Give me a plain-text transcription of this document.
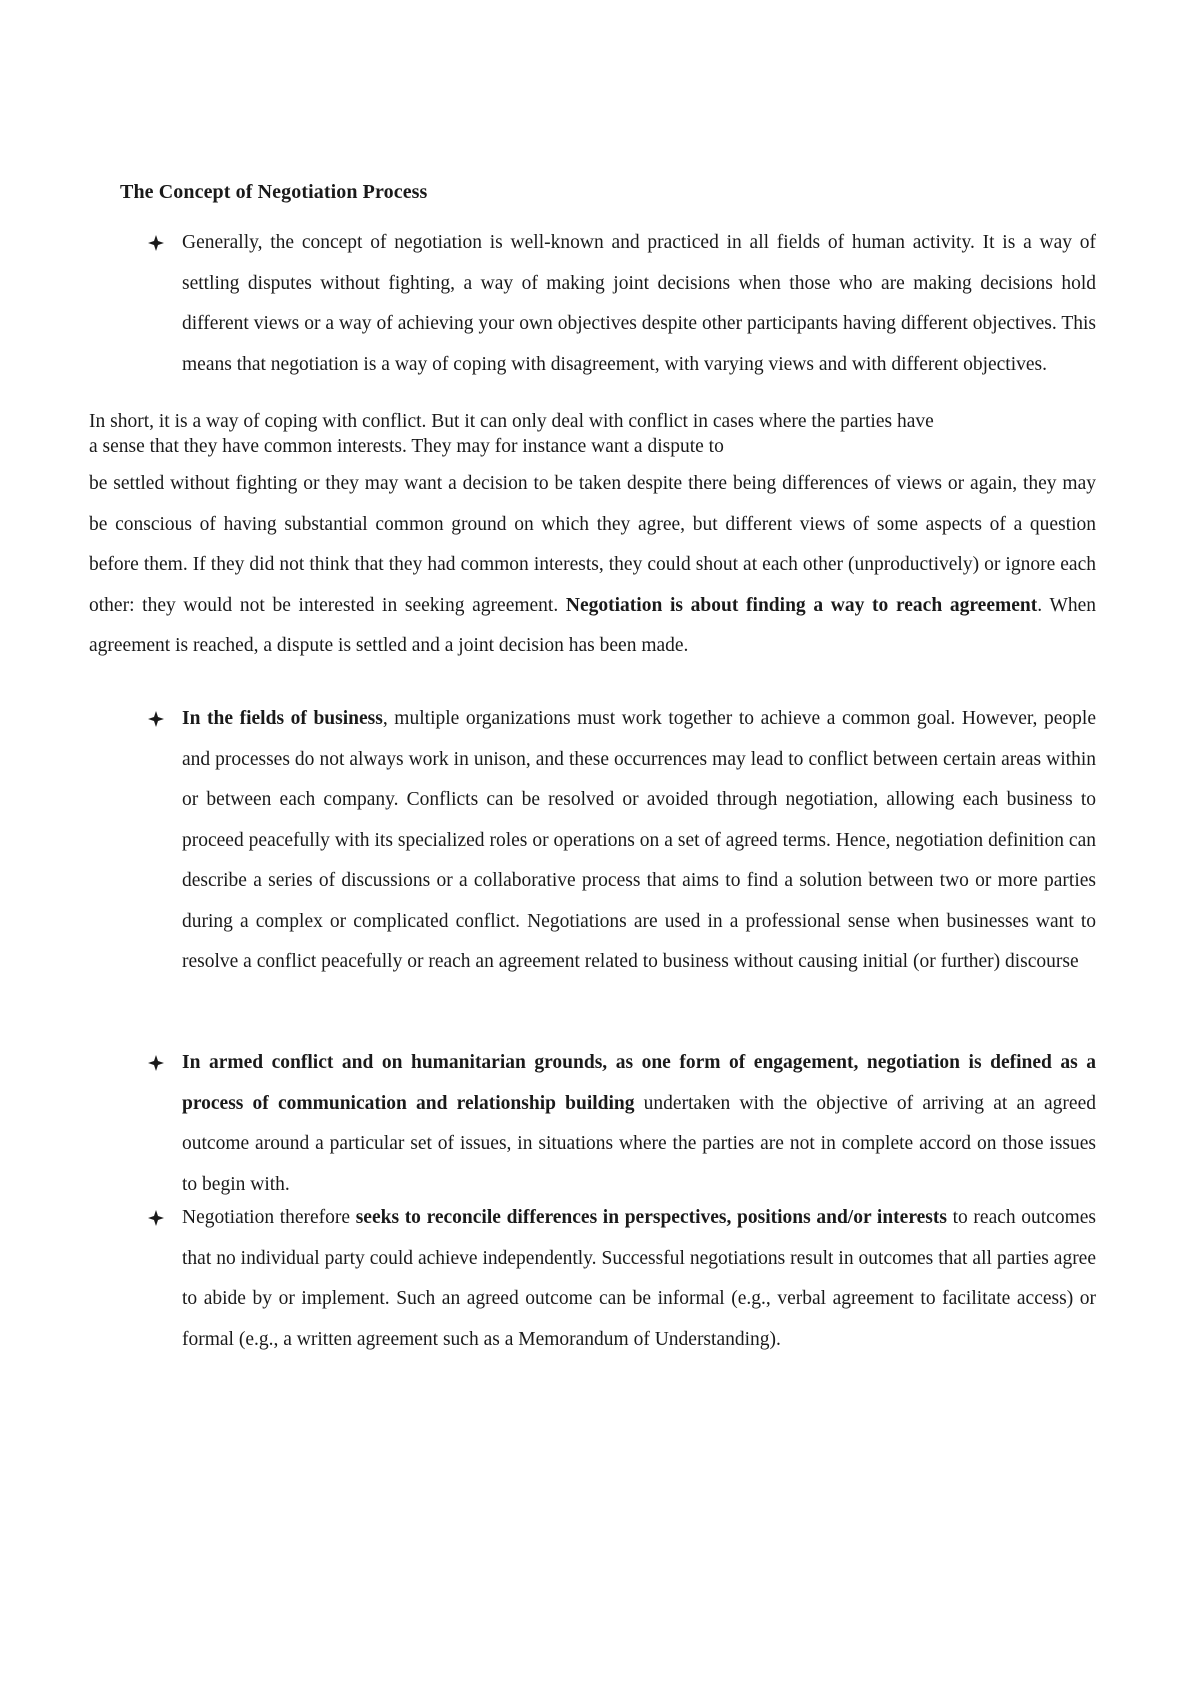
The Concept of Negotiation Process
Generally, the concept of negotiation is well-known and practiced in all fields of human activity. It is a way of settling disputes without fighting, a way of making joint decisions when those who are making decisions hold different views or a way of achieving your own objectives despite other participants having different objectives. This means that negotiation is a way of coping with disagreement, with varying views and with different objectives.
In short, it is a way of coping with conflict. But it can only deal with conflict in cases where the parties have
a sense that they have common interests. They may for instance want a dispute to
be settled without fighting or they may want a decision to be taken despite there being differences of views or again, they may be conscious of having substantial common ground on which they agree, but different views of some aspects of a question before them. If they did not think that they had common interests, they could shout at each other (unproductively) or ignore each other: they would not be interested in seeking agreement. Negotiation is about finding a way to reach agreement. When agreement is reached, a dispute is settled and a joint decision has been made.
In the fields of business, multiple organizations must work together to achieve a common goal. However, people and processes do not always work in unison, and these occurrences may lead to conflict between certain areas within or between each company. Conflicts can be resolved or avoided through negotiation, allowing each business to proceed peacefully with its specialized roles or operations on a set of agreed terms. Hence, negotiation definition can describe a series of discussions or a collaborative process that aims to find a solution between two or more parties during a complex or complicated conflict. Negotiations are used in a professional sense when businesses want to resolve a conflict peacefully or reach an agreement related to business without causing initial (or further) discourse
In armed conflict and on humanitarian grounds, as one form of engagement, negotiation is defined as a process of communication and relationship building undertaken with the objective of arriving at an agreed outcome around a particular set of issues, in situations where the parties are not in complete accord on those issues to begin with.
Negotiation therefore seeks to reconcile differences in perspectives, positions and/or interests to reach outcomes that no individual party could achieve independently. Successful negotiations result in outcomes that all parties agree to abide by or implement. Such an agreed outcome can be informal (e.g., verbal agreement to facilitate access) or formal (e.g., a written agreement such as a Memorandum of Understanding).
